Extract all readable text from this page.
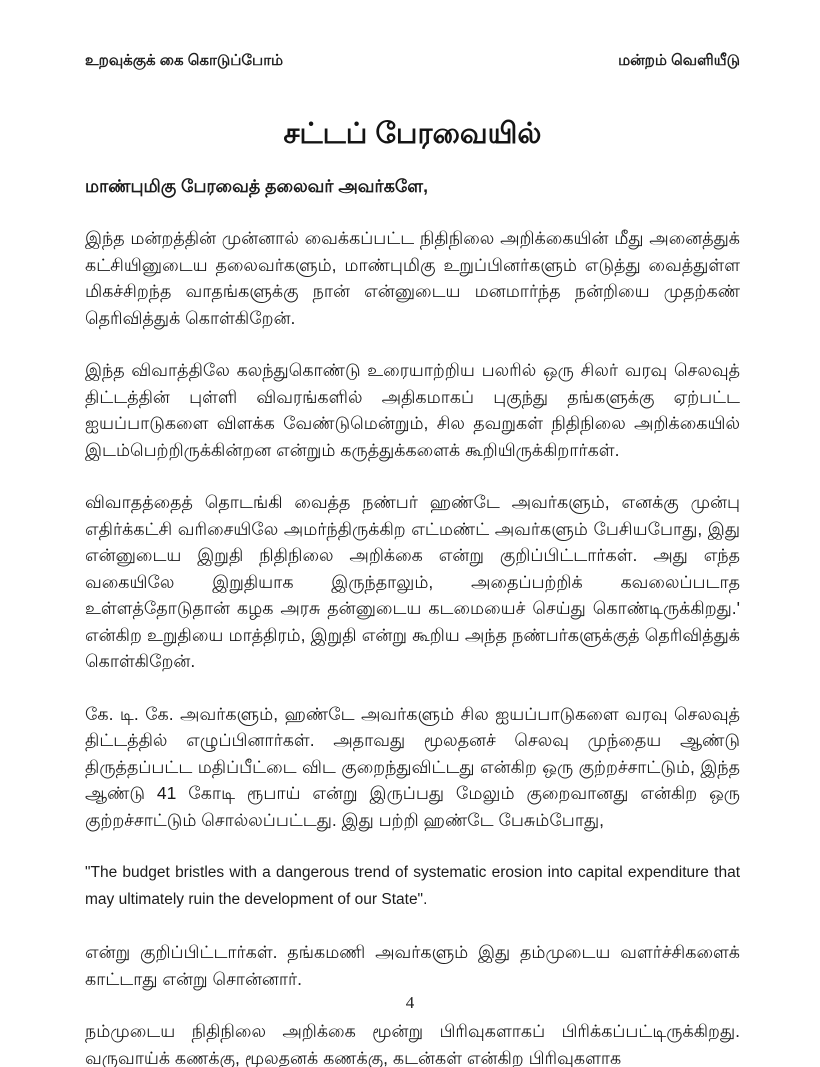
உறவுக்குக் கை கொடுப்போம்	மன்றம் வெளியீடு
சட்டப் பேரவையில்

மாண்புமிகு பேரவைத் தலைவர் அவர்களே,

இந்த மன்றத்தின் முன்னால் வைக்கப்பட்ட நிதிநிலை அறிக்கையின் மீது அனைத்துக் கட்சியினுடைய தலைவர்களும், மாண்புமிகு உறுப்பினர்களும் எடுத்து வைத்துள்ள மிகச்சிறந்த வாதங்களுக்கு நான் என்னுடைய மனமார்ந்த நன்றியை முதற்கண் தெரிவித்துக் கொள்கிறேன்.

இந்த விவாத்திலே கலந்துகொண்டு உரையாற்றிய பலரில் ஒரு சிலர் வரவு செலவுத் திட்டத்தின் புள்ளி விவரங்களில் அதிகமாகப் புகுந்து தங்களுக்கு ஏற்பட்ட ஐயப்பாடுகளை விளக்க வேண்டுமென்றும், சில தவறுகள் நிதிநிலை அறிக்கையில் இடம்பெற்றிருக்கின்றன என்றும் கருத்துக்களைக் கூறியிருக்கிறார்கள்.

விவாதத்தைத் தொடங்கி வைத்த நண்பர் ஹண்டே அவர்களும், எனக்கு முன்பு எதிர்க்கட்சி வரிசையிலே அமர்ந்திருக்கிற எட்மண்ட் அவர்களும் பேசியபோது, இது என்னுடைய இறுதி நிதிநிலை அறிக்கை என்று குறிப்பிட்டார்கள். அது எந்த வகையிலே இறுதியாக இருந்தாலும், அதைப்பற்றிக் கவலைப்படாத உள்ளத்தோடுதான் கழக அரசு தன்னுடைய கடமையைச் செய்து கொண்டிருக்கிறது.' என்கிற உறுதியை மாத்திரம், இறுதி என்று கூறிய அந்த நண்பர்களுக்குத் தெரிவித்துக் கொள்கிறேன்.

கே. டி. கே. அவர்களும், ஹண்டே அவர்களும் சில ஐயப்பாடுகளை வரவு செலவுத் திட்டத்தில் எழுப்பினார்கள். அதாவது மூலதனச் செலவு முந்தைய ஆண்டு திருத்தப்பட்ட மதிப்பீட்டை விட குறைந்துவிட்டது என்கிற ஒரு குற்றச்சாட்டும், இந்த ஆண்டு 41 கோடி ரூபாய் என்று இருப்பது மேலும் குறைவானது என்கிற ஒரு குற்றச்சாட்டும் சொல்லப்பட்டது. இது பற்றி ஹண்டே பேசும்போது,

"The budget bristles with a dangerous trend of systematic erosion into capital expenditure that may ultimately ruin the development of our State".

என்று குறிப்பிட்டார்கள். தங்கமணி அவர்களும் இது தம்முடைய வளர்ச்சிகளைக் காட்டாது என்று சொன்னார்.

நம்முடைய நிதிநிலை அறிக்கை மூன்று பிரிவுகளாகப் பிரிக்கப்பட்டிருக்கிறது. வருவாய்க் கணக்கு, மூலதனக் கணக்கு, கடன்கள் என்கிற பிரிவுகளாக

4
